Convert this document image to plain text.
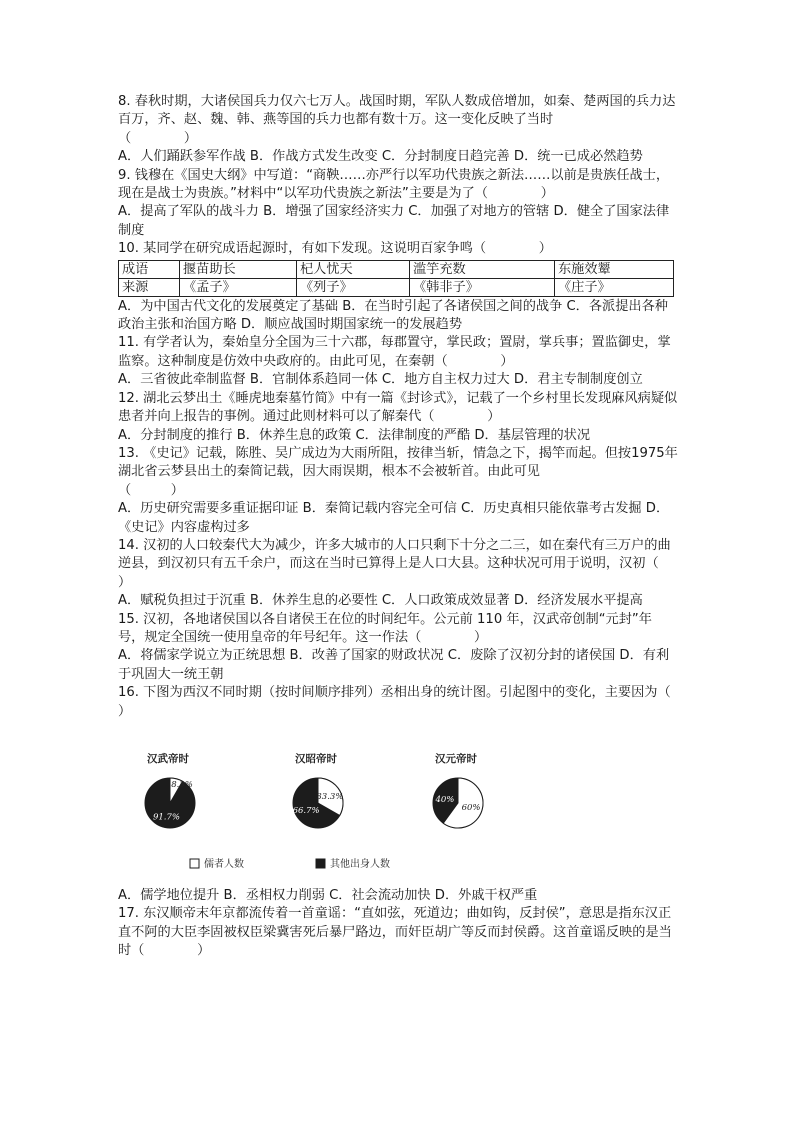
8. 春秋时期，大诸侯国兵力仅六七万人。战国时期，军队人数成倍增加，如秦、楚两国的兵力达百万，齐、赵、魏、韩、燕等国的兵力也都有数十万。这一变化反映了当时

（　　　　）

A．人们踊跃参军作战 B．作战方式发生改变 C．分封制度日趋完善 D．统一已成必然趋势

9. 钱穆在《国史大纲》中写道：“商鞅……亦严行以军功代贵族之新法……以前是贵族任战士，现在是战士为贵族。”材料中“以军功代贵族之新法”主要是为了（　　　　）

A．提高了军队的战斗力 B．增强了国家经济实力 C．加强了对地方的管辖 D．健全了国家法律制度

10. 某同学在研究成语起源时，有如下发现。这说明百家争鸣（　　　　）

成语	揠苗助长	杞人忧天	滥竽充数	东施效颦
来源	《孟子》	《列子》	《韩非子》	《庄子》

A．为中国古代文化的发展奠定了基础 B．在当时引起了各诸侯国之间的战争 C．各派提出各种政治主张和治国方略 D．顺应战国时期国家统一的发展趋势

11. 有学者认为，秦始皇分全国为三十六郡，每郡置守，掌民政；置尉，掌兵事；置监御史，掌监察。这种制度是仿效中央政府的。由此可见，在秦朝（　　　　）

A．三省彼此牵制监督 B．官制体系趋同一体 C．地方自主权力过大 D．君主专制制度创立

12. 湖北云梦出土《睡虎地秦墓竹简》中有一篇《封诊式》，记载了一个乡村里长发现麻风病疑似患者并向上报告的事例。通过此则材料可以了解秦代（　　　　）

A．分封制度的推行 B．休养生息的政策 C．法律制度的严酷 D．基层管理的状况

13. 《史记》记载，陈胜、吴广成边为大雨所阻，按律当斩，情急之下，揭竿而起。但按1975年湖北省云梦县出土的秦简记载，因大雨误期，根本不会被斩首。由此可见

（　　　）

A．历史研究需要多重证据印证 B．秦简记载内容完全可信 C．历史真相只能依靠考古发掘 D．《史记》内容虚构过多

14. 汉初的人口较秦代大为减少，许多大城市的人口只剩下十分之二三，如在秦代有三万户的曲逆县，到汉初只有五千余户，而这在当时已算得上是人口大县。这种状况可用于说明，汉初（　　　　）

A．赋税负担过于沉重 B．休养生息的必要性 C．人口政策成效显著 D．经济发展水平提高

15. 汉初，各地诸侯国以各自诸侯王在位的时间纪年。公元前 110 年，汉武帝创制“元封”年号，规定全国统一使用皇帝的年号纪年。这一作法（　　　　）

A．将儒家学说立为正统思想 B．改善了国家的财政状况 C．废除了汉初分封的诸侯国 D．有利于巩固大一统王朝

16. 下图为西汉不同时期（按时间顺序排列）丞相出身的统计图。引起图中的变化，主要因为（　　　　）

汉武帝时
8.3%
91.7%
汉昭帝时
33.3%
66.7%
汉元帝时
60%
40%
儒者人数	其他出身人数

A．儒学地位提升 B．丞相权力削弱 C．社会流动加快 D．外戚干权严重

17. 东汉顺帝末年京都流传着一首童谣：“直如弦，死道边；曲如钩，反封侯”，意思是指东汉正直不阿的大臣李固被权臣梁冀害死后暴尸路边，而奸臣胡广等反而封侯爵。这首童谣反映的是当时（　　　　）
